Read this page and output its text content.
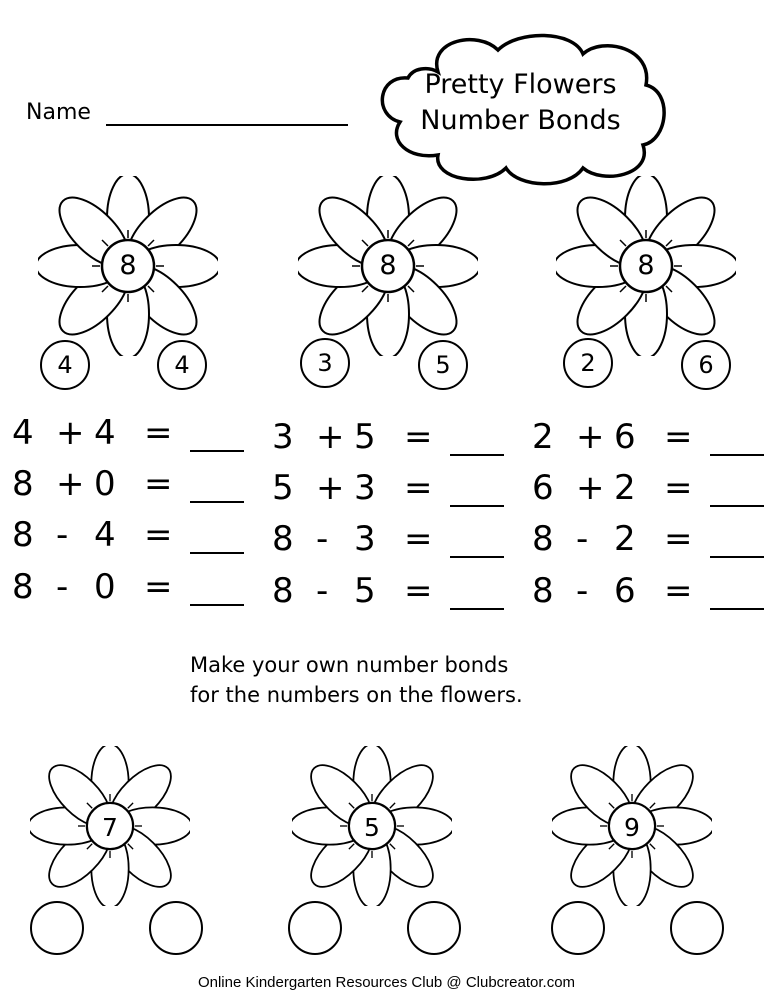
Name
Pretty Flowers
Number Bonds
8
4	4
8
3	5
8
2	6
4 + 4 =
8 + 0 =
8 - 4 =
8 - 0 =
3 + 5 =
5 + 3 =
8 - 3 =
8 - 5 =
2 + 6 =
6 + 2 =
8 - 2 =
8 - 6 =
Make your own number bonds
for the numbers on the flowers.
7	5	9
Online Kindergarten Resources Club @ Clubcreator.com
